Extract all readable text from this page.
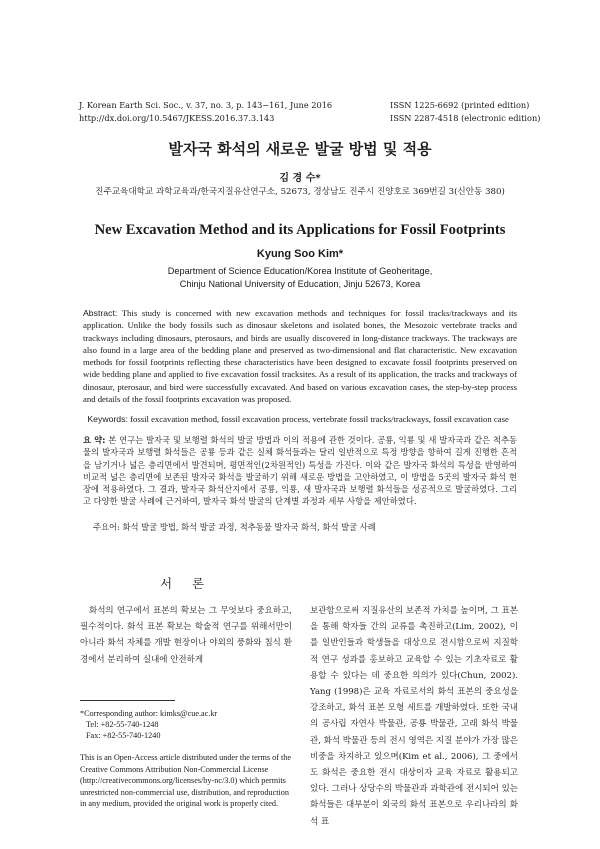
J. Korean Earth Sci. Soc., v. 37, no. 3, p. 143−161, June 2016
http://dx.doi.org/10.5467/JKESS.2016.37.3.143
ISSN 1225-6692 (printed edition)
ISSN 2287-4518 (electronic edition)
발자국 화석의 새로운 발굴 방법 및 적용
김 경 수*
진주교육대학교 과학교육과/한국지질유산연구소, 52673, 경상남도 진주시 진양호로 369번길 3(신안동 380)
New Excavation Method and its Applications for Fossil Footprints
Kyung Soo Kim*
Department of Science Education/Korea Institute of Geoheritage,
Chinju National University of Education, Jinju 52673, Korea
Abstract: This study is concerned with new excavation methods and techniques for fossil tracks/trackways and its application. Unlike the body fossils such as dinosaur skeletons and isolated bones, the Mesozoic vertebrate tracks and trackways including dinosaurs, pterosaurs, and birds are usually discovered in long-distance trackways. The trackways are also found in a large area of the bedding plane and preserved as two-dimensional and flat characteristic. New excavation methods for fossil footprints reflecting these characteristics have been designed to excavate fossil footprints preserved on wide bedding plane and applied to five excavation fossil tracksites. As a result of its application, the tracks and trackways of dinosaur, pterosaur, and bird were successfully excavated. And based on various excavation cases, the step-by-step process and details of the fossil footprints excavation was proposed.
Keywords: fossil excavation method, fossil excavation process, vertebrate fossil tracks/trackways, fossil excavation case
요 약: 본 연구는 발자국 및 보행렬 화석의 발굴 방법과 이의 적용에 관한 것이다. 공룡, 익룡 및 새 발자국과 같은 척추동물의 발자국과 보행렬 화석들은 공룡 등과 같은 실체 화석들과는 달리 일반적으로 특정 방향을 향하여 길게 진행한 흔적을 남기거나 넓은 층리면에서 발견되며, 평면적인(2차원적인) 특성을 가진다. 이와 같은 발자국 화석의 특성을 반영하여 비교적 넓은 층리면에 보존된 발자국 화석을 발굴하기 위해 새로운 방법을 고안하였고, 이 방법을 5곳의 발자국 화석 현장에 적용하였다. 그 결과, 발자국 화석산지에서 공룡, 익룡, 새 발자국과 보행렬 화석들을 성공적으로 발굴하였다. 그리고 다양한 발굴 사례에 근거하여, 발자국 화석 발굴의 단계별 과정과 세부 사항을 제안하였다.
주요어: 화석 발굴 방법, 화석 발굴 과정, 척추동물 발자국 화석, 화석 발굴 사례
서 론

화석의 연구에서 표본의 확보는 그 무엇보다 중요하고, 필수적이다. 화석 표본 확보는 학술적 연구를 위해서만이 아니라 화석 자체를 개발 현장이나 야외의 풍화와 침식 환경에서 분리하여 실내에 안전하게

보관함으로써 지질유산의 보존적 가치를 높이며, 그 표본을 통해 학자들 간의 교류를 촉진하고(Lim, 2002), 이를 일반인들과 학생들을 대상으로 전시함으로써 지질학적 연구 성과를 홍보하고 교육할 수 있는 기초자료로 활용할 수 있다는 데 중요한 의의가 있다(Chun, 2002). Yang (1998)은 교육 자료로서의 화석 표본의 중요성을 강조하고, 화석 표본 모형 세트를 개발하였다. 또한 국내의 공사립 자연사 박물관, 공룡 박물관, 고래 화석 박물관, 화석 박물관 등의 전시 영역은 지질 분야가 가장 많은 비중을 차지하고 있으며(Kim et al., 2006), 그 중에서도 화석은 중요한 전시 대상이자 교육 자료로 활용되고 있다. 그러나 상당수의 박물관과 과학관에 전시되어 있는 화석들은 대부분이 외국의 화석 표본으로 우리나라의 화석 표

*Corresponding author: kimks@cue.ac.kr
Tel: +82-55-740-1248
Fax: +82-55-740-1240
This is an Open-Access article distributed under the terms of the Creative Commons Attribution Non-Commercial License (http://creativecommons.org/licenses/by-nc/3.0) which permits unrestricted non-commercial use, distribution, and reproduction in any medium, provided the original work is properly cited.
